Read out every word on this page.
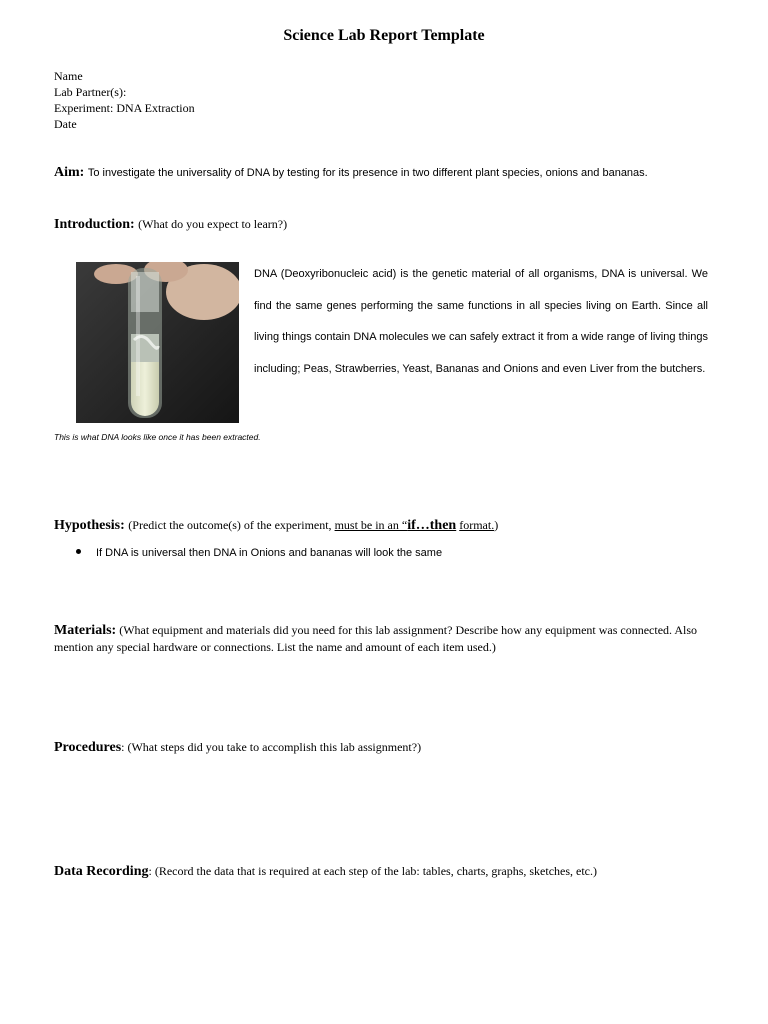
Science Lab Report Template
Name
Lab Partner(s):
Experiment: DNA Extraction
Date
Aim: To investigate the universality of DNA by testing for its presence in two different plant species, onions and bananas.
Introduction: (What do you expect to learn?)
DNA (Deoxyribonucleic acid) is the genetic material of all organisms, DNA is universal. We find the same genes performing the same functions in all species living on Earth. Since all living things contain DNA molecules we can safely extract it from a wide range of living things including; Peas, Strawberries, Yeast, Bananas and Onions and even Liver from the butchers.
This is what DNA looks like once it has been extracted.
Hypothesis: (Predict the outcome(s) of the experiment, must be in an “if…then format.)
If DNA is universal then DNA in Onions and bananas will look the same
Materials: (What equipment and materials did you need for this lab assignment? Describe how any equipment was connected. Also mention any special hardware or connections. List the name and amount of each item used.)
Procedures: (What steps did you take to accomplish this lab assignment?)
Data Recording: (Record the data that is required at each step of the lab: tables, charts, graphs, sketches, etc.)
